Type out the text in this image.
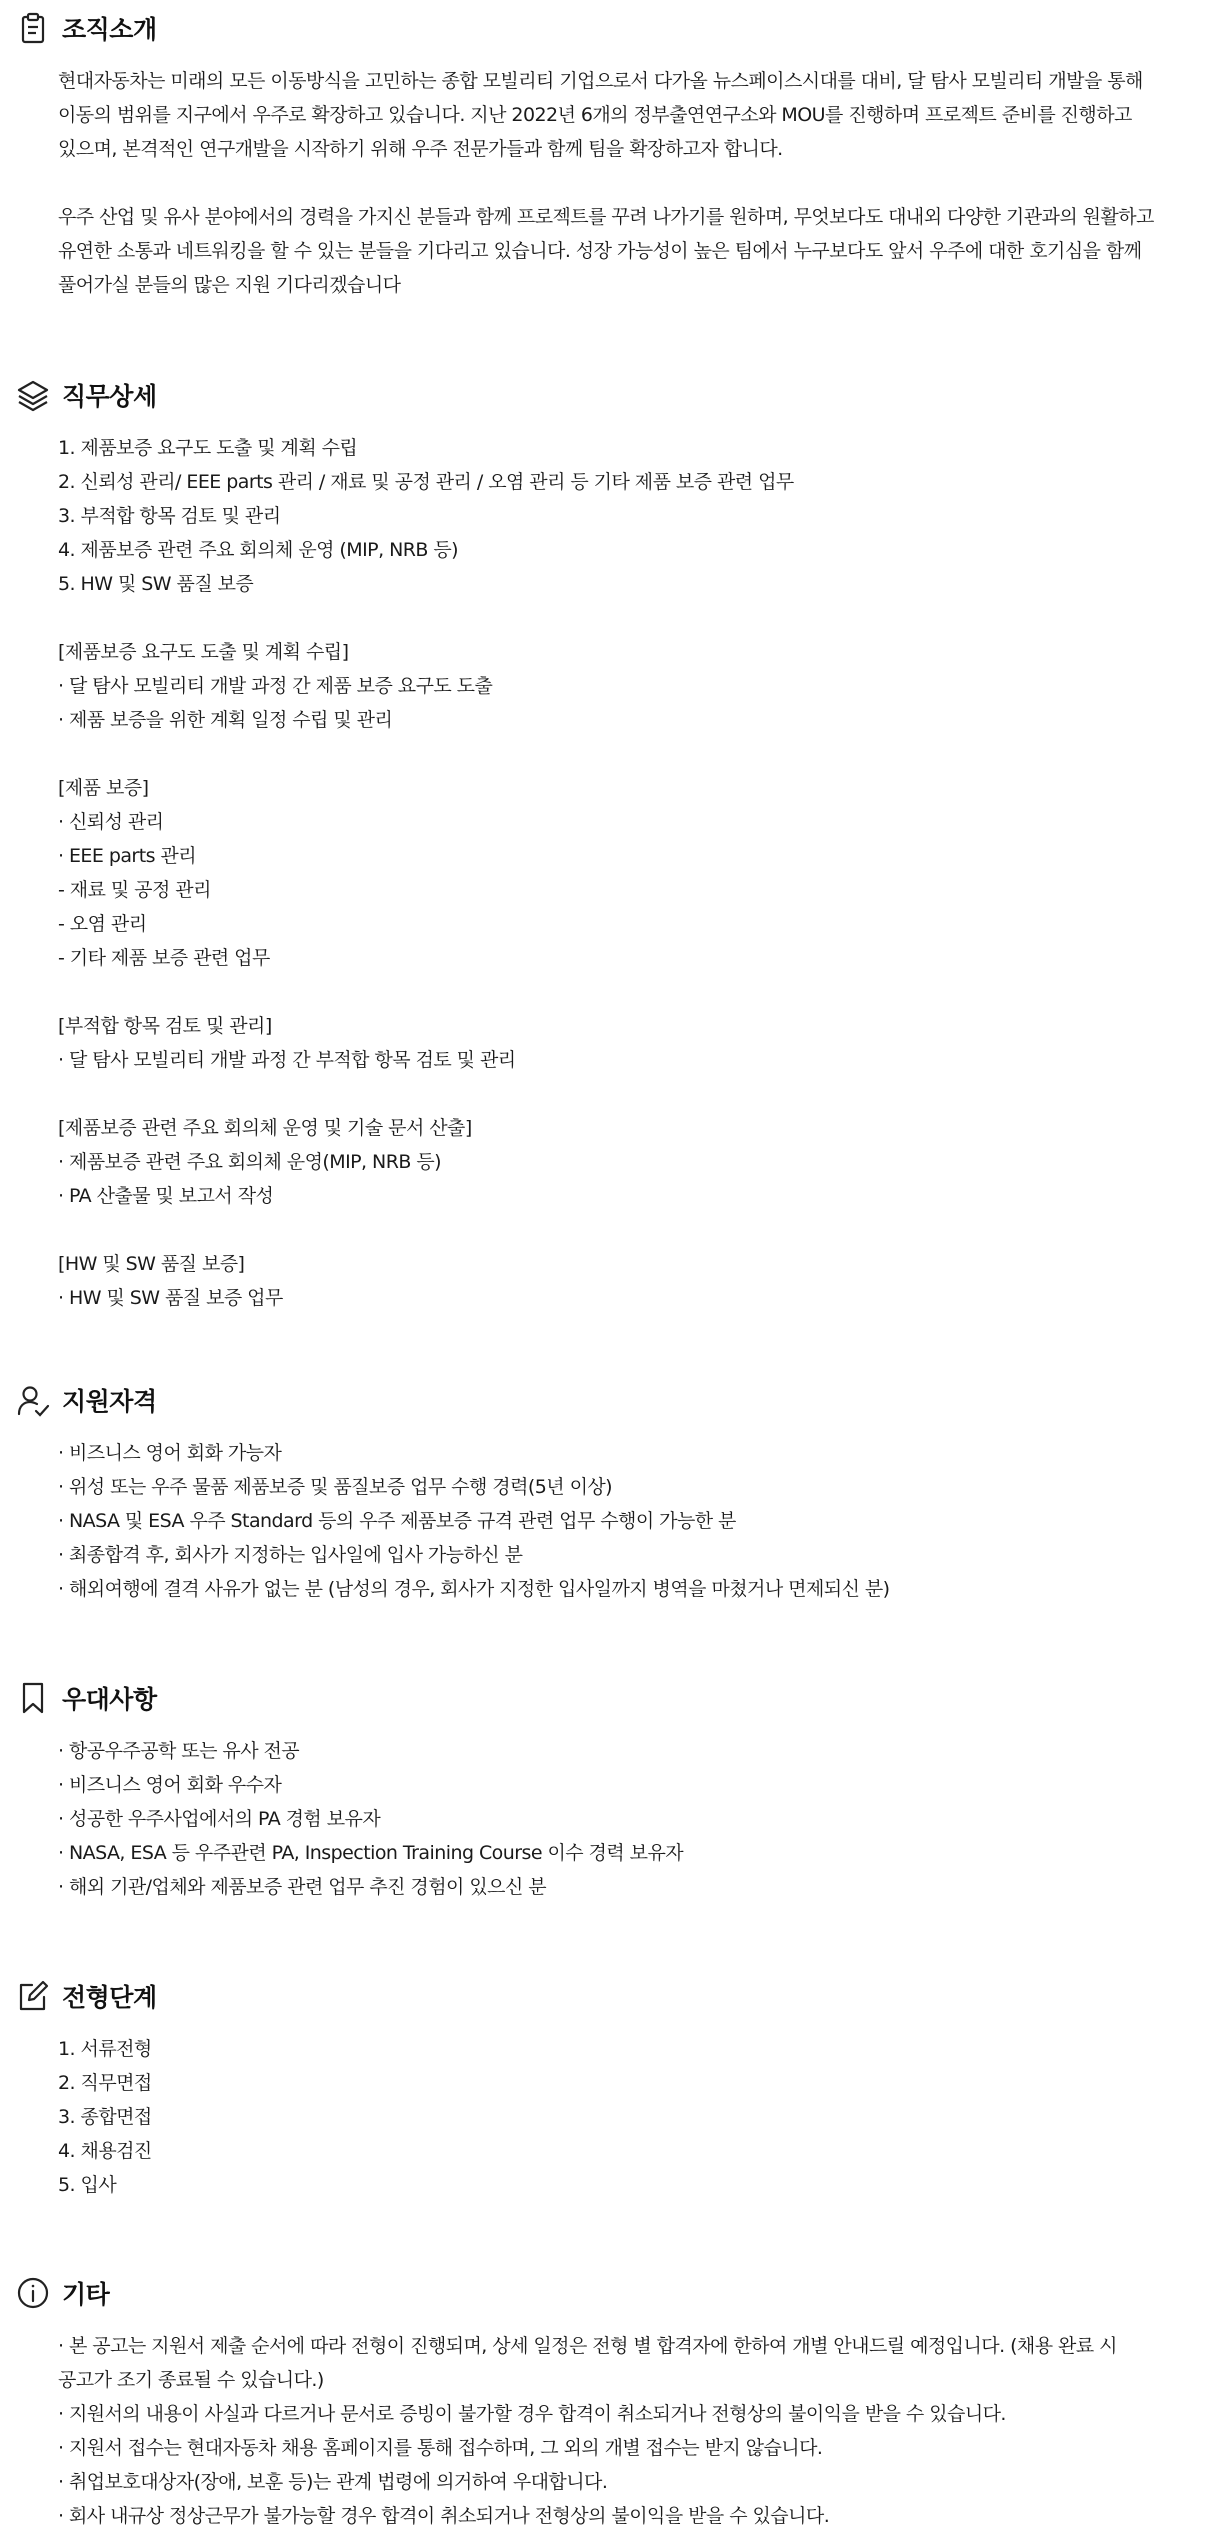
조직소개
현대자동차는 미래의 모든 이동방식을 고민하는 종합 모빌리티 기업으로서 다가올 뉴스페이스시대를 대비, 달 탐사 모빌리티 개발을 통해
이동의 범위를 지구에서 우주로 확장하고 있습니다. 지난 2022년 6개의 정부출연연구소와 MOU를 진행하며 프로젝트 준비를 진행하고
있으며, 본격적인 연구개발을 시작하기 위해 우주 전문가들과 함께 팀을 확장하고자 합니다.
우주 산업 및 유사 분야에서의 경력을 가지신 분들과 함께 프로젝트를 꾸려 나가기를 원하며, 무엇보다도 대내외 다양한 기관과의 원활하고
유연한 소통과 네트워킹을 할 수 있는 분들을 기다리고 있습니다. 성장 가능성이 높은 팀에서 누구보다도 앞서 우주에 대한 호기심을 함께
풀어가실 분들의 많은 지원 기다리겠습니다
직무상세
1. 제품보증 요구도 도출 및 계획 수립
2. 신뢰성 관리/ EEE parts 관리 / 재료 및 공정 관리 / 오염 관리 등 기타 제품 보증 관련 업무
3. 부적합 항목 검토 및 관리
4. 제품보증 관련 주요 회의체 운영 (MIP, NRB 등)
5. HW 및 SW 품질 보증
[제품보증 요구도 도출 및 계획 수립]
· 달 탐사 모빌리티 개발 과정 간 제품 보증 요구도 도출
· 제품 보증을 위한 계획 일정 수립 및 관리
[제품 보증]
· 신뢰성 관리
· EEE parts 관리
- 재료 및 공정 관리
- 오염 관리
- 기타 제품 보증 관련 업무
[부적합 항목 검토 및 관리]
· 달 탐사 모빌리티 개발 과정 간 부적합 항목 검토 및 관리
[제품보증 관련 주요 회의체 운영 및 기술 문서 산출]
· 제품보증 관련 주요 회의체 운영(MIP, NRB 등)
· PA 산출물 및 보고서 작성
[HW 및 SW 품질 보증]
· HW 및 SW 품질 보증 업무
지원자격
· 비즈니스 영어 회화 가능자
· 위성 또는 우주 물품 제품보증 및 품질보증 업무 수행 경력(5년 이상)
· NASA 및 ESA 우주 Standard 등의 우주 제품보증 규격 관련 업무 수행이 가능한 분
· 최종합격 후, 회사가 지정하는 입사일에 입사 가능하신 분
· 해외여행에 결격 사유가 없는 분 (남성의 경우, 회사가 지정한 입사일까지 병역을 마쳤거나 면제되신 분)
우대사항
· 항공우주공학 또는 유사 전공
· 비즈니스 영어 회화 우수자
· 성공한 우주사업에서의 PA 경험 보유자
· NASA, ESA 등 우주관련 PA, Inspection Training Course 이수 경력 보유자
· 해외 기관/업체와 제품보증 관련 업무 추진 경험이 있으신 분
전형단계
1. 서류전형
2. 직무면접
3. 종합면접
4. 채용검진
5. 입사
기타
· 본 공고는 지원서 제출 순서에 따라 전형이 진행되며, 상세 일정은 전형 별 합격자에 한하여 개별 안내드릴 예정입니다. (채용 완료 시
공고가 조기 종료될 수 있습니다.)
· 지원서의 내용이 사실과 다르거나 문서로 증빙이 불가할 경우 합격이 취소되거나 전형상의 불이익을 받을 수 있습니다.
· 지원서 접수는 현대자동차 채용 홈페이지를 통해 접수하며, 그 외의 개별 접수는 받지 않습니다.
· 취업보호대상자(장애, 보훈 등)는 관계 법령에 의거하여 우대합니다.
· 회사 내규상 정상근무가 불가능할 경우 합격이 취소되거나 전형상의 불이익을 받을 수 있습니다.
